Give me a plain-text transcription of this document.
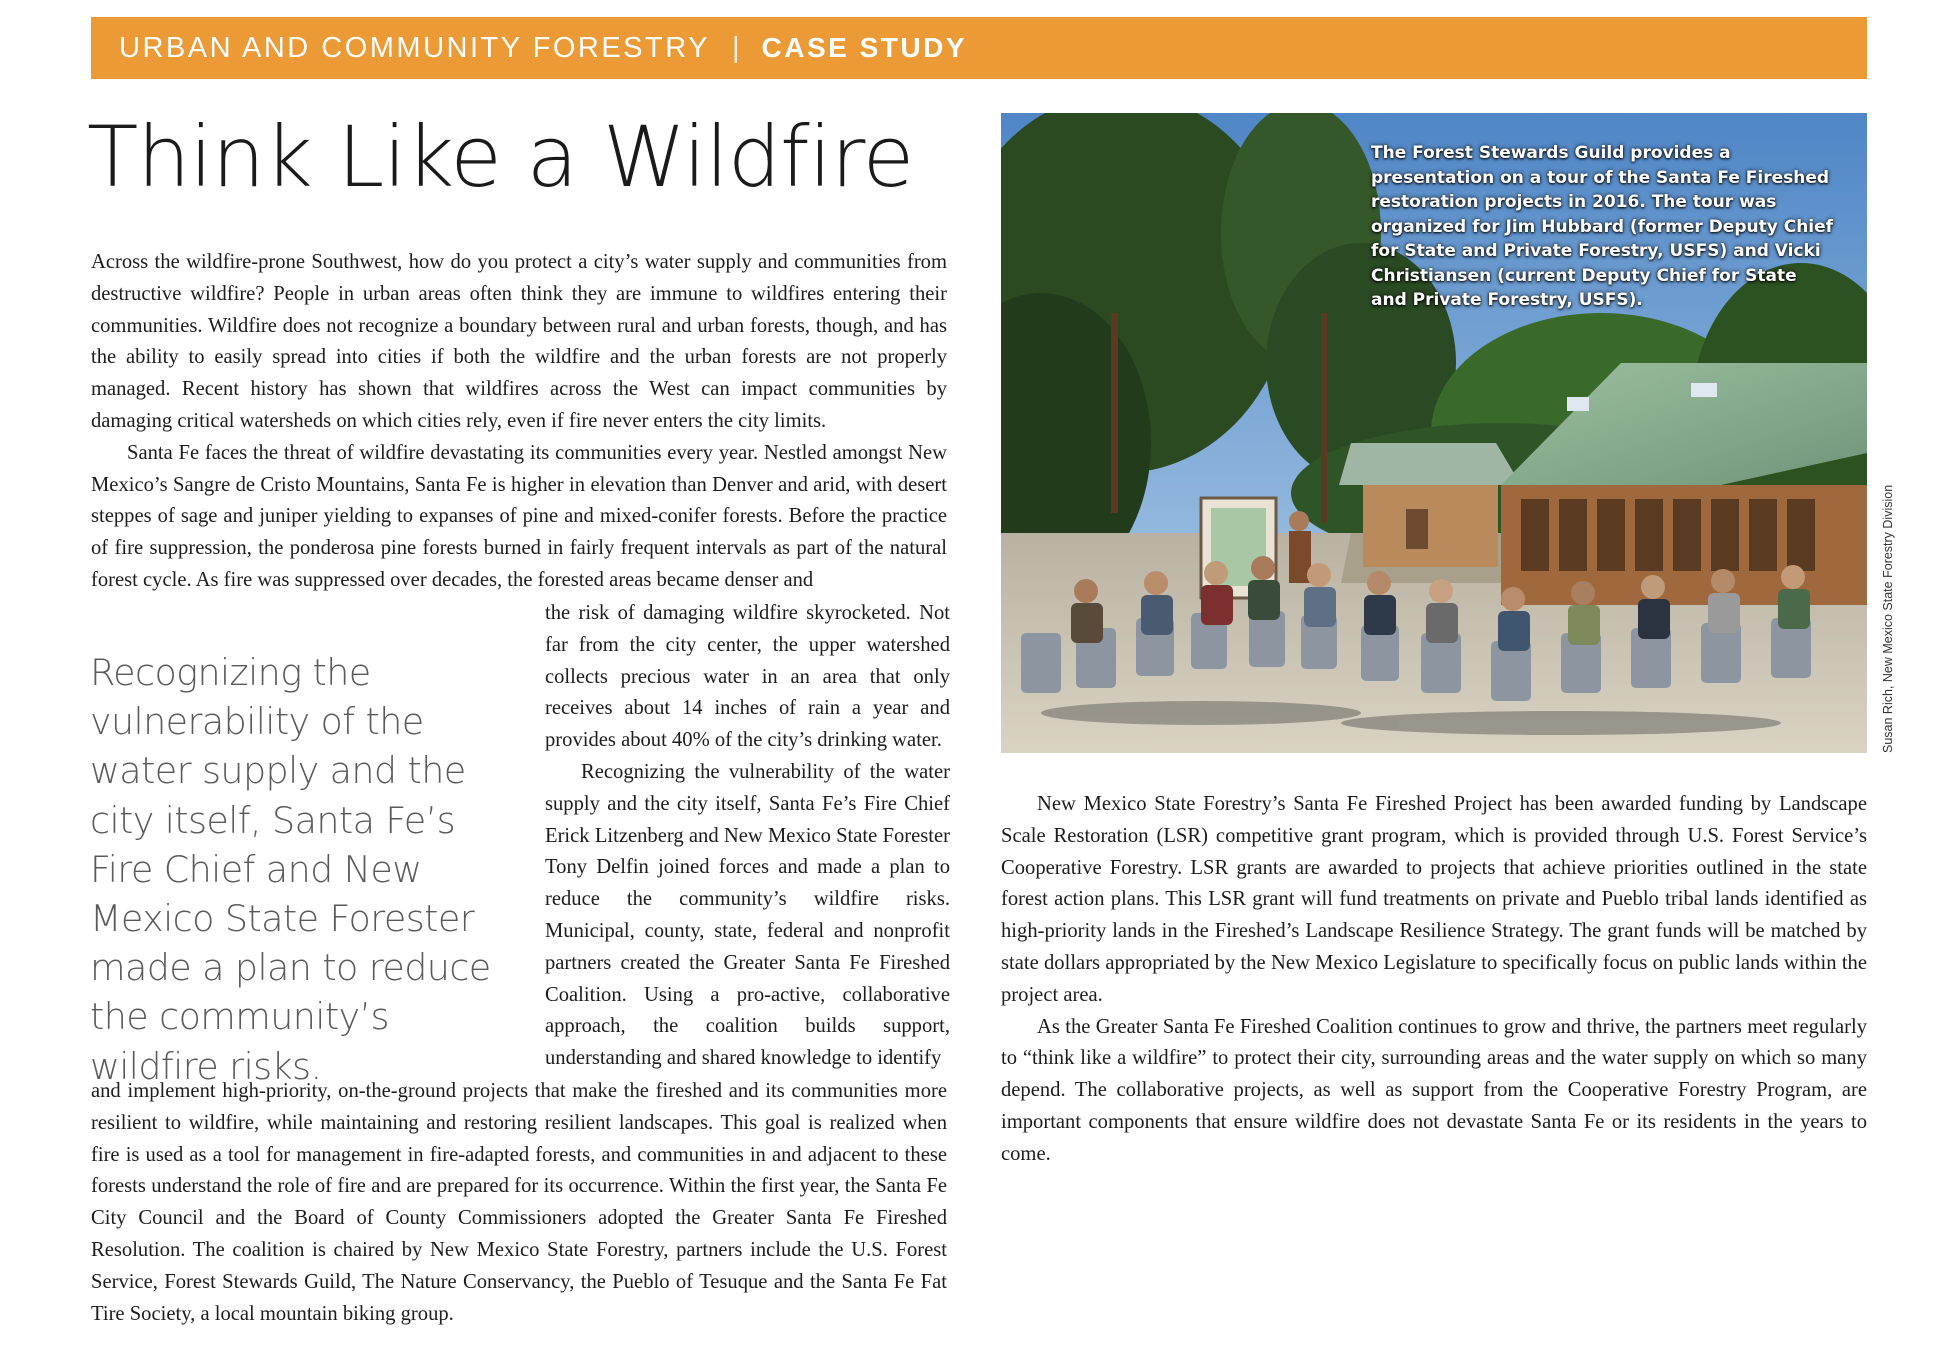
URBAN AND COMMUNITY FORESTRY | CASE STUDY
Think Like a Wildfire

Across the wildfire-prone Southwest, how do you protect a city’s water supply and communities from destructive wildfire? People in urban areas often think they are immune to wildfires entering their communities. Wildfire does not recognize a boundary between rural and urban forests, though, and has the ability to easily spread into cities if both the wildfire and the urban forests are not properly managed. Recent history has shown that wildfires across the West can impact communities by damaging critical watersheds on which cities rely, even if fire never enters the city limits.

Santa Fe faces the threat of wildfire devastating its communities every year. Nestled amongst New Mexico’s Sangre de Cristo Mountains, Santa Fe is higher in elevation than Denver and arid, with desert steppes of sage and juniper yielding to expanses of pine and mixed-conifer forests. Before the practice of fire suppression, the ponderosa pine forests burned in fairly frequent intervals as part of the natural forest cycle. As fire was suppressed over decades, the forested areas became denser and

Recognizing the vulnerability of the water supply and the city itself, Santa Fe’s Fire Chief and New Mexico State Forester made a plan to reduce the community’s wildfire risks.

the risk of damaging wildfire skyrocketed. Not far from the city center, the upper watershed collects precious water in an area that only receives about 14 inches of rain a year and provides about 40% of the city’s drinking water.

Recognizing the vulnerability of the water supply and the city itself, Santa Fe’s Fire Chief Erick Litzenberg and New Mexico State Forester Tony Delfin joined forces and made a plan to reduce the community’s wildfire risks. Municipal, county, state, federal and nonprofit partners created the Greater Santa Fe Fireshed Coalition. Using a pro-active, collaborative approach, the coalition builds support, understanding and shared knowledge to identify

and implement high-priority, on-the-ground projects that make the fireshed and its communities more resilient to wildfire, while maintaining and restoring resilient landscapes. This goal is realized when fire is used as a tool for management in fire-adapted forests, and communities in and adjacent to these forests understand the role of fire and are prepared for its occurrence. Within the first year, the Santa Fe City Council and the Board of County Commissioners adopted the Greater Santa Fe Fireshed Resolution. The coalition is chaired by New Mexico State Forestry, partners include the U.S. Forest Service, Forest Stewards Guild, The Nature Conservancy, the Pueblo of Tesuque and the Santa Fe Fat Tire Society, a local mountain biking group.

The Forest Stewards Guild provides a presentation on a tour of the Santa Fe Fireshed restoration projects in 2016. The tour was organized for Jim Hubbard (former Deputy Chief for State and Private Forestry, USFS) and Vicki Christiansen (current Deputy Chief for State and Private Forestry, USFS).
Susan Rich, New Mexico State Forestry Division

New Mexico State Forestry’s Santa Fe Fireshed Project has been awarded funding by Landscape Scale Restoration (LSR) competitive grant program, which is provided through U.S. Forest Service’s Cooperative Forestry. LSR grants are awarded to projects that achieve priorities outlined in the state forest action plans. This LSR grant will fund treatments on private and Pueblo tribal lands identified as high-priority lands in the Fireshed’s Landscape Resilience Strategy. The grant funds will be matched by state dollars appropriated by the New Mexico Legislature to specifically focus on public lands within the project area.

As the Greater Santa Fe Fireshed Coalition continues to grow and thrive, the partners meet regularly to “think like a wildfire” to protect their city, surrounding areas and the water supply on which so many depend. The collaborative projects, as well as support from the Cooperative Forestry Program, are important components that ensure wildfire does not devastate Santa Fe or its residents in the years to come.
